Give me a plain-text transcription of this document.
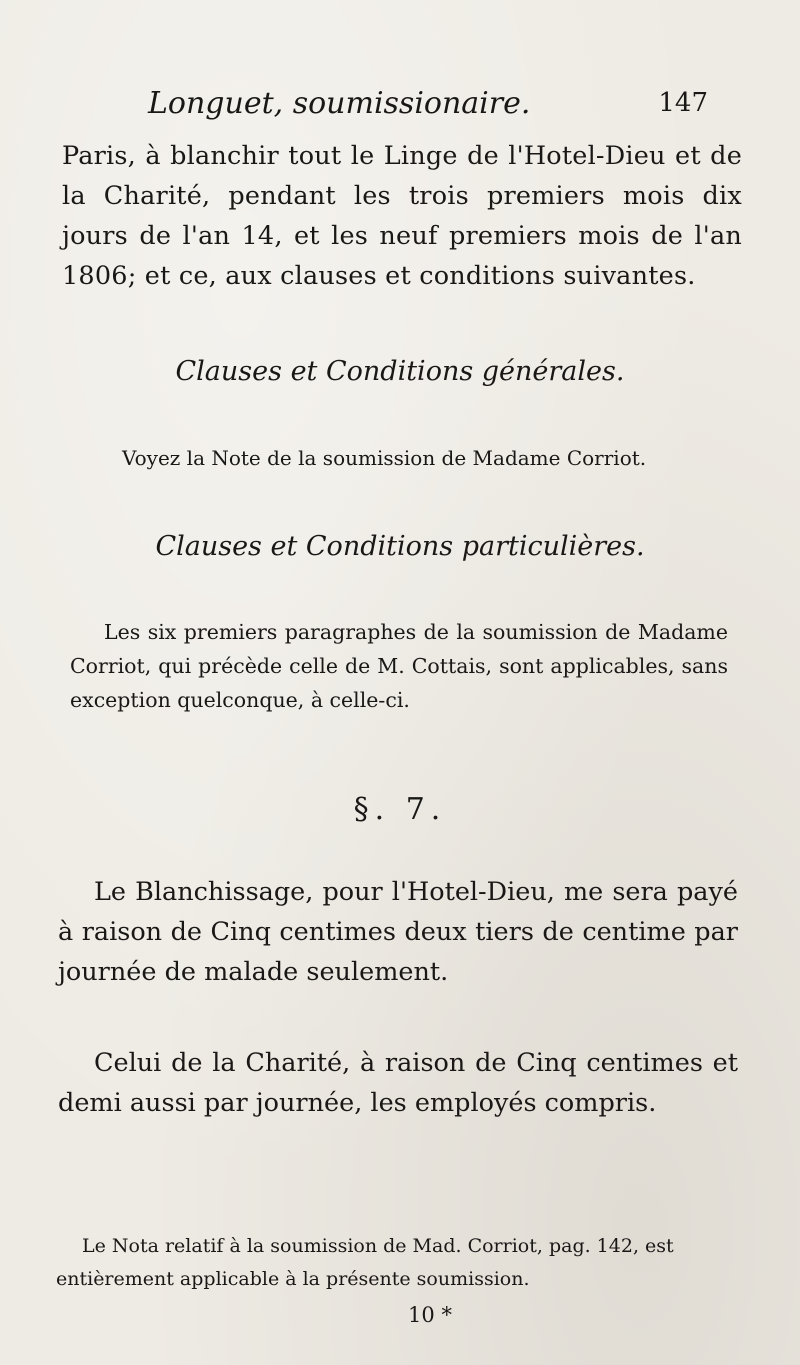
Longuet, soumissionaire.	147
Paris, à blanchir tout le Linge de l'Hotel-Dieu et de la Charité, pendant les trois premiers mois dix jours de l'an 14, et les neuf premiers mois de l'an 1806; et ce, aux clauses et conditions suivantes.
Clauses et Conditions générales.
Voyez la Note de la soumission de Madame Corriot.
Clauses et Conditions particulières.
Les six premiers paragraphes de la soumission de Madame Corriot, qui précède celle de M. Cottais, sont applicables, sans exception quelconque, à celle-ci.
§. 7.
Le Blanchissage, pour l'Hotel-Dieu, me sera payé à raison de Cinq centimes deux tiers de centime par journée de malade seulement.
Celui de la Charité, à raison de Cinq centimes et demi aussi par journée, les employés compris.
Le Nota relatif à la soumission de Mad. Corriot, pag. 142, est entièrement applicable à la présente soumission.
10 *
